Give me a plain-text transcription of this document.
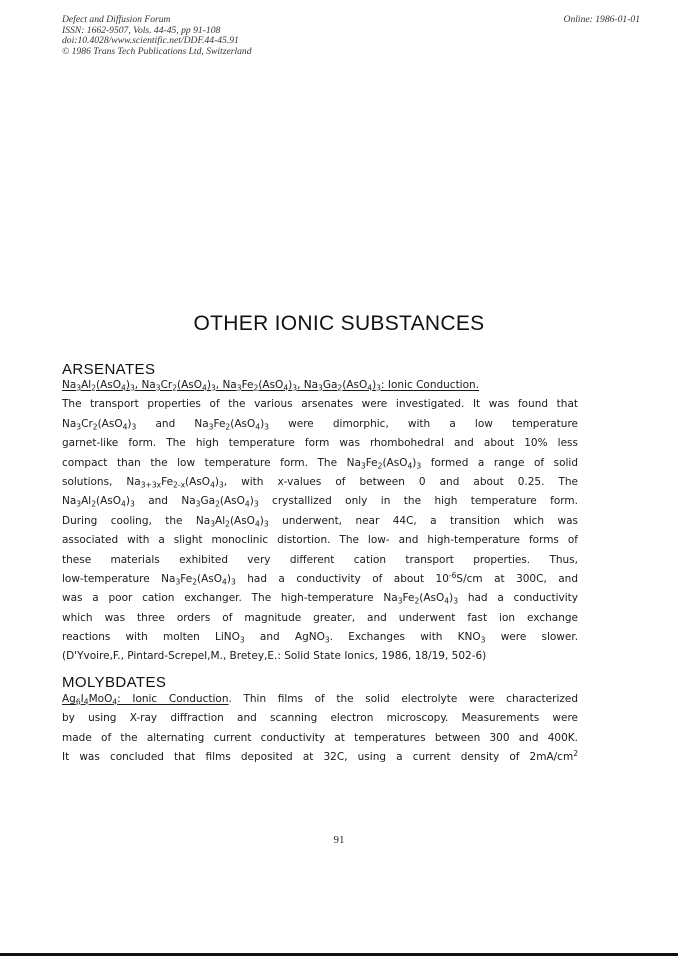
Defect and Diffusion Forum
ISSN: 1662-9507, Vols. 44-45, pp 91-108
doi:10.4028/www.scientific.net/DDF.44-45.91
© 1986 Trans Tech Publications Ltd, Switzerland
Online: 1986-01-01
OTHER IONIC SUBSTANCES
ARSENATES
$Na_3Al_2(AsO_4)_3$, $Na_3Cr_2(AsO_4)_3$, $Na_3Fe_2(AsO_4)_3$, $Na_3Ga_2(AsO_4)_3$: Ionic Conduction.
The transport properties of the various arsenates were investigated. It was found that
$Na_3Cr_2(AsO_4)_3$ and $Na_3Fe_2(AsO_4)_3$ were dimorphic, with a low temperature
garnet-like form. The high temperature form was rhombohedral and about 10% less
compact than the low temperature form. The $Na_3Fe_2(AsO_4)_3$ formed a range of solid
solutions, $Na_{3+3x}Fe_{2-x}(AsO_4)_3$, with x-values of between 0 and about 0.25. The
$Na_3Al_2(AsO_4)_3$ and $Na_3Ga_2(AsO_4)_3$ crystallized only in the high temperature form.
During cooling, the $Na_3Al_2(AsO_4)_3$ underwent, near 44C, a transition which was
associated with a slight monoclinic distortion. The low- and high-temperature forms of
these materials exhibited very different cation transport properties. Thus,
low-temperature $Na_3Fe_2(AsO_4)_3$ had a conductivity of about $10^{-6}S/cm$ at 300C, and
was a poor cation exchanger. The high-temperature $Na_3Fe_2(AsO_4)_3$ had a conductivity
which was three orders of magnitude greater, and underwent fast ion exchange
reactions with molten LiNO$_3$ and AgNO$_3$. Exchanges with $KNO_3$ were slower.
(D'Yvoire,F., Pintard-Screpel,M., Bretey,E.: Solid State Ionics, 1986, 18/19, 502-6)
MOLYBDATES
$Ag_6I_4MoO_4$: Ionic Conduction. Thin films of the solid electrolyte were characterized
by using X-ray diffraction and scanning electron microscopy. Measurements were
made of the alternating current conductivity at temperatures between 300 and 400K.
It was concluded that films deposited at 32C, using a current density of $2mA/cm^2$
91
